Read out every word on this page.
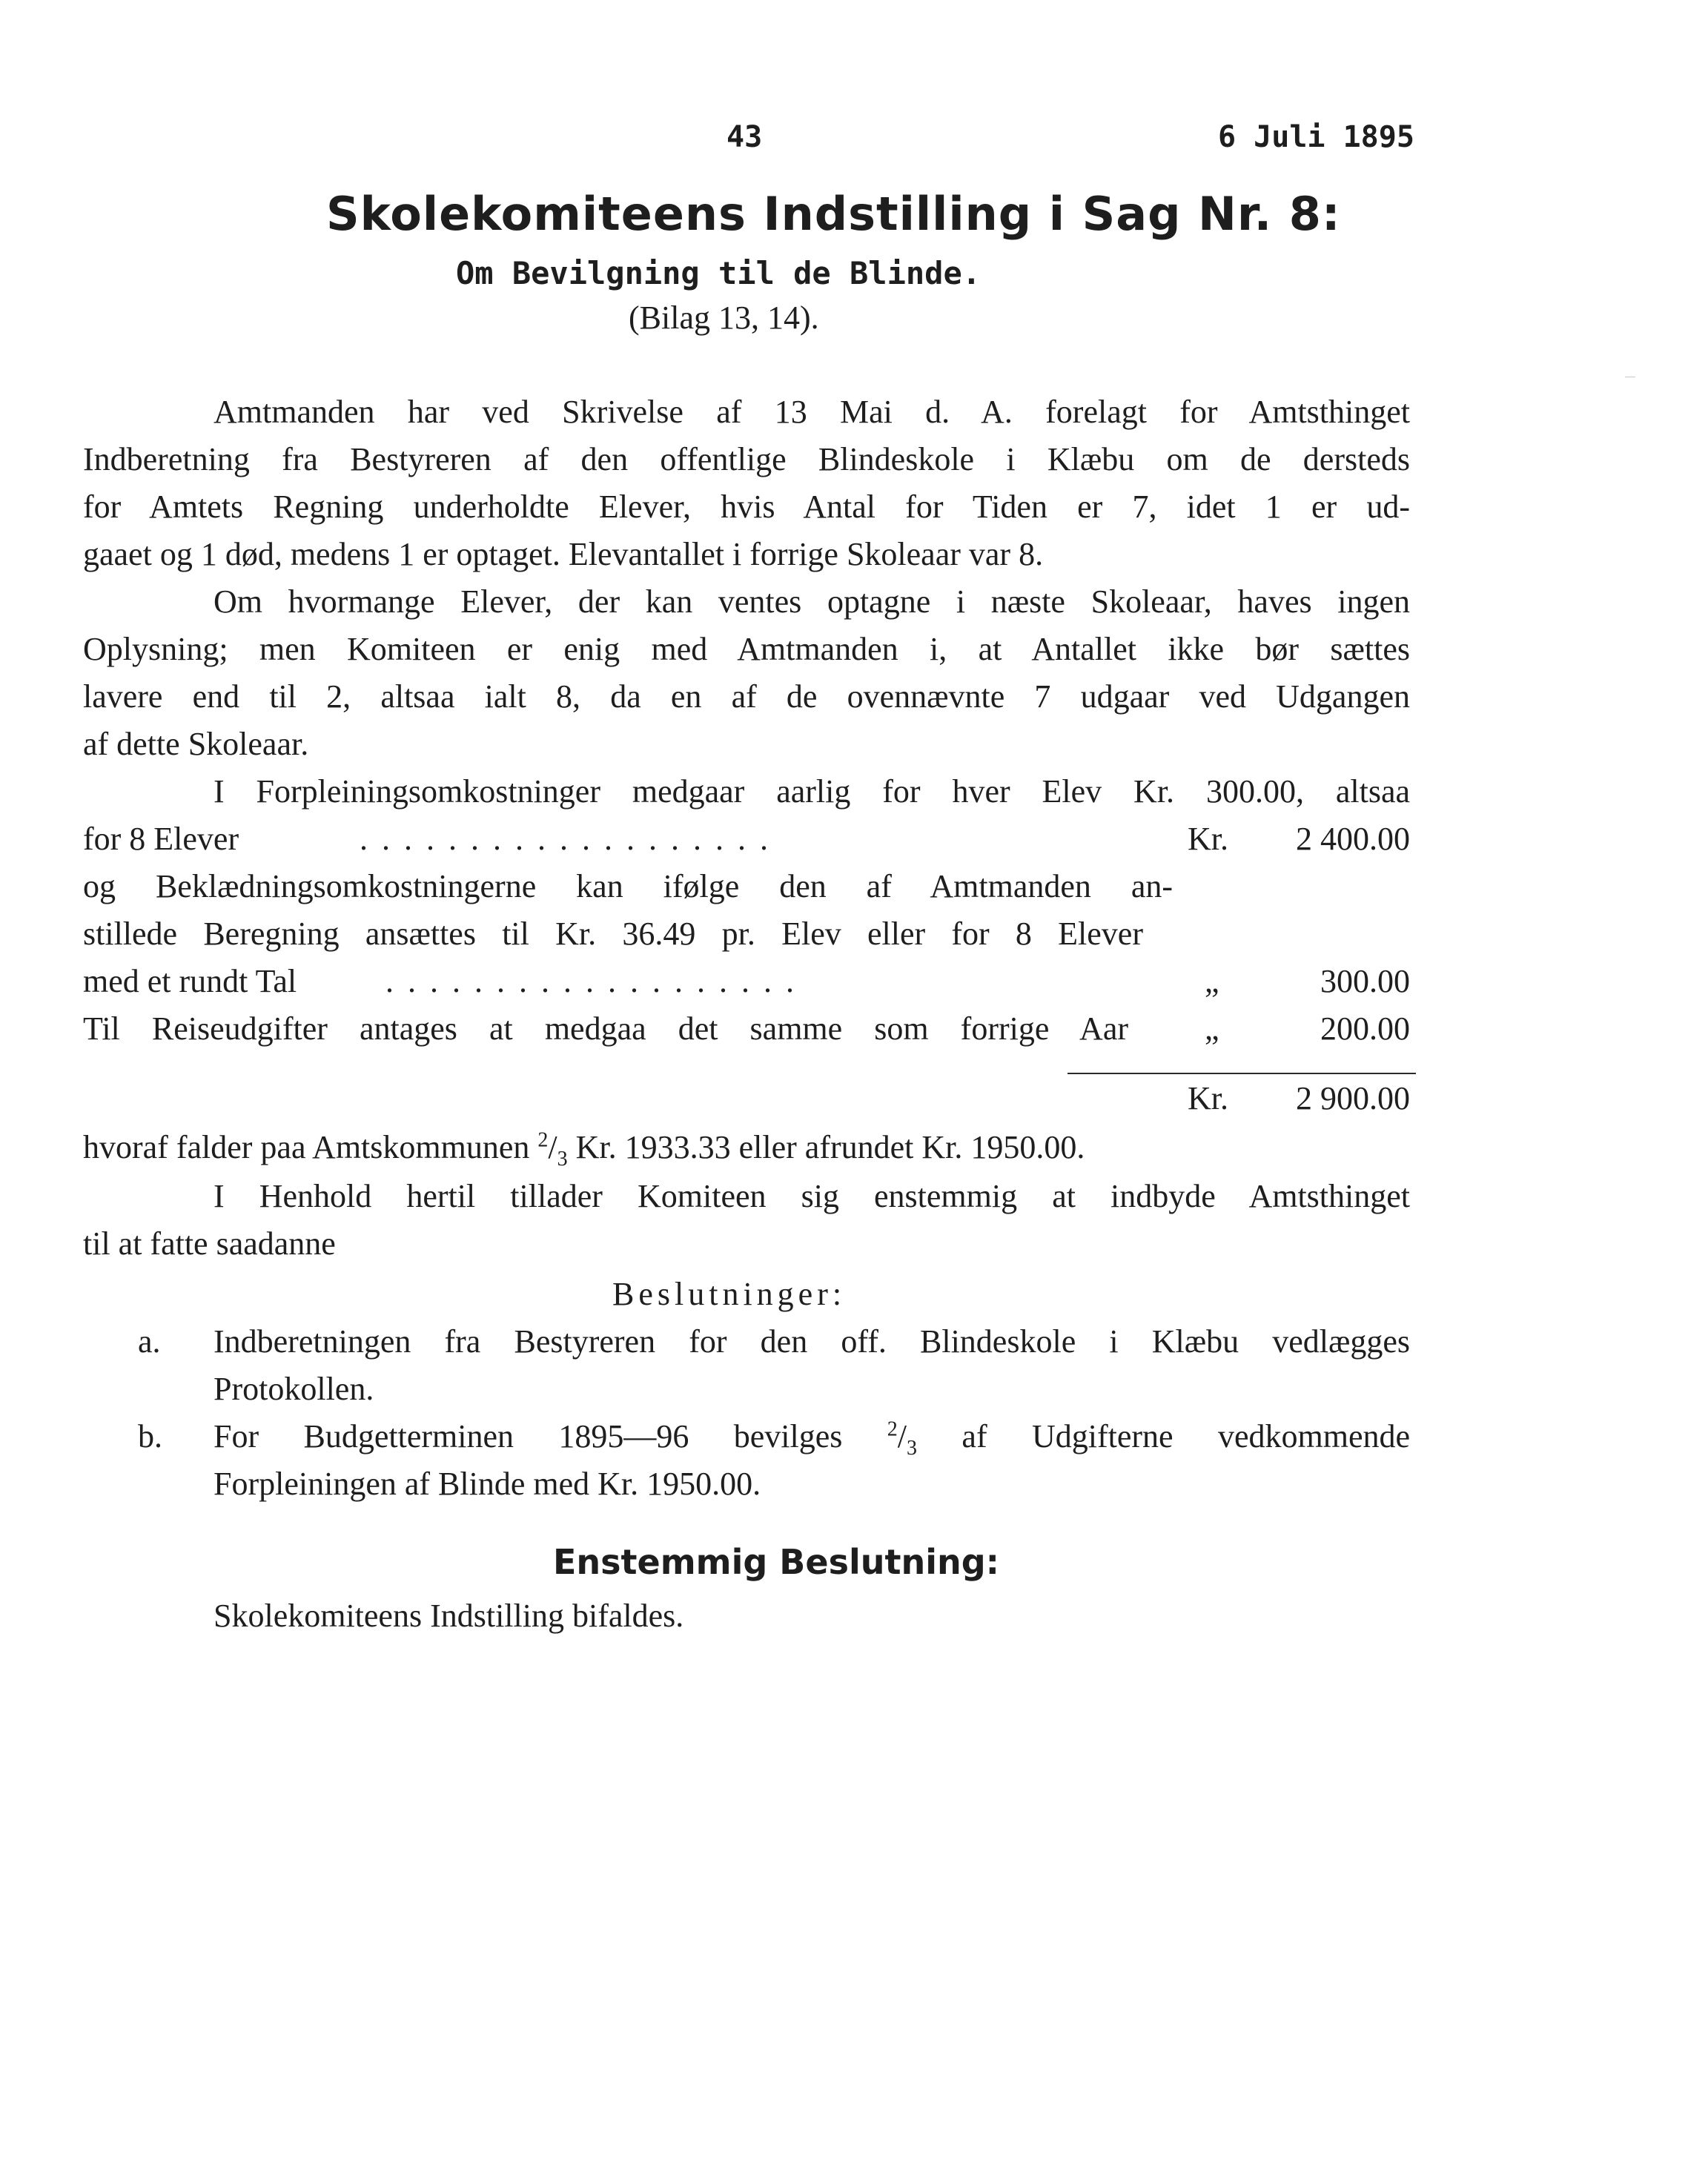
43	6 Juli 1895
Skolekomiteens Indstilling i Sag Nr. 8:
Om Bevilgning til de Blinde.
(Bilag 13, 14).
Amtmanden har ved Skrivelse af 13 Mai d. A. forelagt for Amtsthinget
Indberetning fra Bestyreren af den offentlige Blindeskole i Klæbu om de dersteds
for Amtets Regning underholdte Elever, hvis Antal for Tiden er 7, idet 1 er ud-
gaaet og 1 død, medens 1 er optaget. Elevantallet i forrige Skoleaar var 8.
Om hvormange Elever, der kan ventes optagne i næste Skoleaar, haves ingen
Oplysning; men Komiteen er enig med Amtmanden i, at Antallet ikke bør sættes
lavere end til 2, altsaa ialt 8, da en af de ovennævnte 7 udgaar ved Udgangen
af dette Skoleaar.
I Forpleiningsomkostninger medgaar aarlig for hver Elev Kr. 300.00, altsaa
for 8 Elever	...................	Kr.	2 400.00
og Beklædningsomkostningerne kan ifølge den af Amtmanden an-
stillede Beregning ansættes til Kr. 36.49 pr. Elev eller for 8 Elever
med et rundt Tal	...................	„	300.00
Til Reiseudgifter antages at medgaa det samme som forrige Aar „	200.00
Kr.	2 900.00
hvoraf falder paa Amtskommunen $^2/_3$ Kr. 1933.33 eller afrundet Kr. 1950.00.
I Henhold hertil tillader Komiteen sig enstemmig at indbyde Amtsthinget
til at fatte saadanne
Beslutninger:
a. Indberetningen fra Bestyreren for den off. Blindeskole i Klæbu vedlægges
Protokollen.
b. For Budgetterminen 1895—96 bevilges $^2/_3$ af Udgifterne vedkommende
Forpleiningen af Blinde med Kr. 1950.00.
Enstemmig Beslutning:
Skolekomiteens Indstilling bifaldes.
